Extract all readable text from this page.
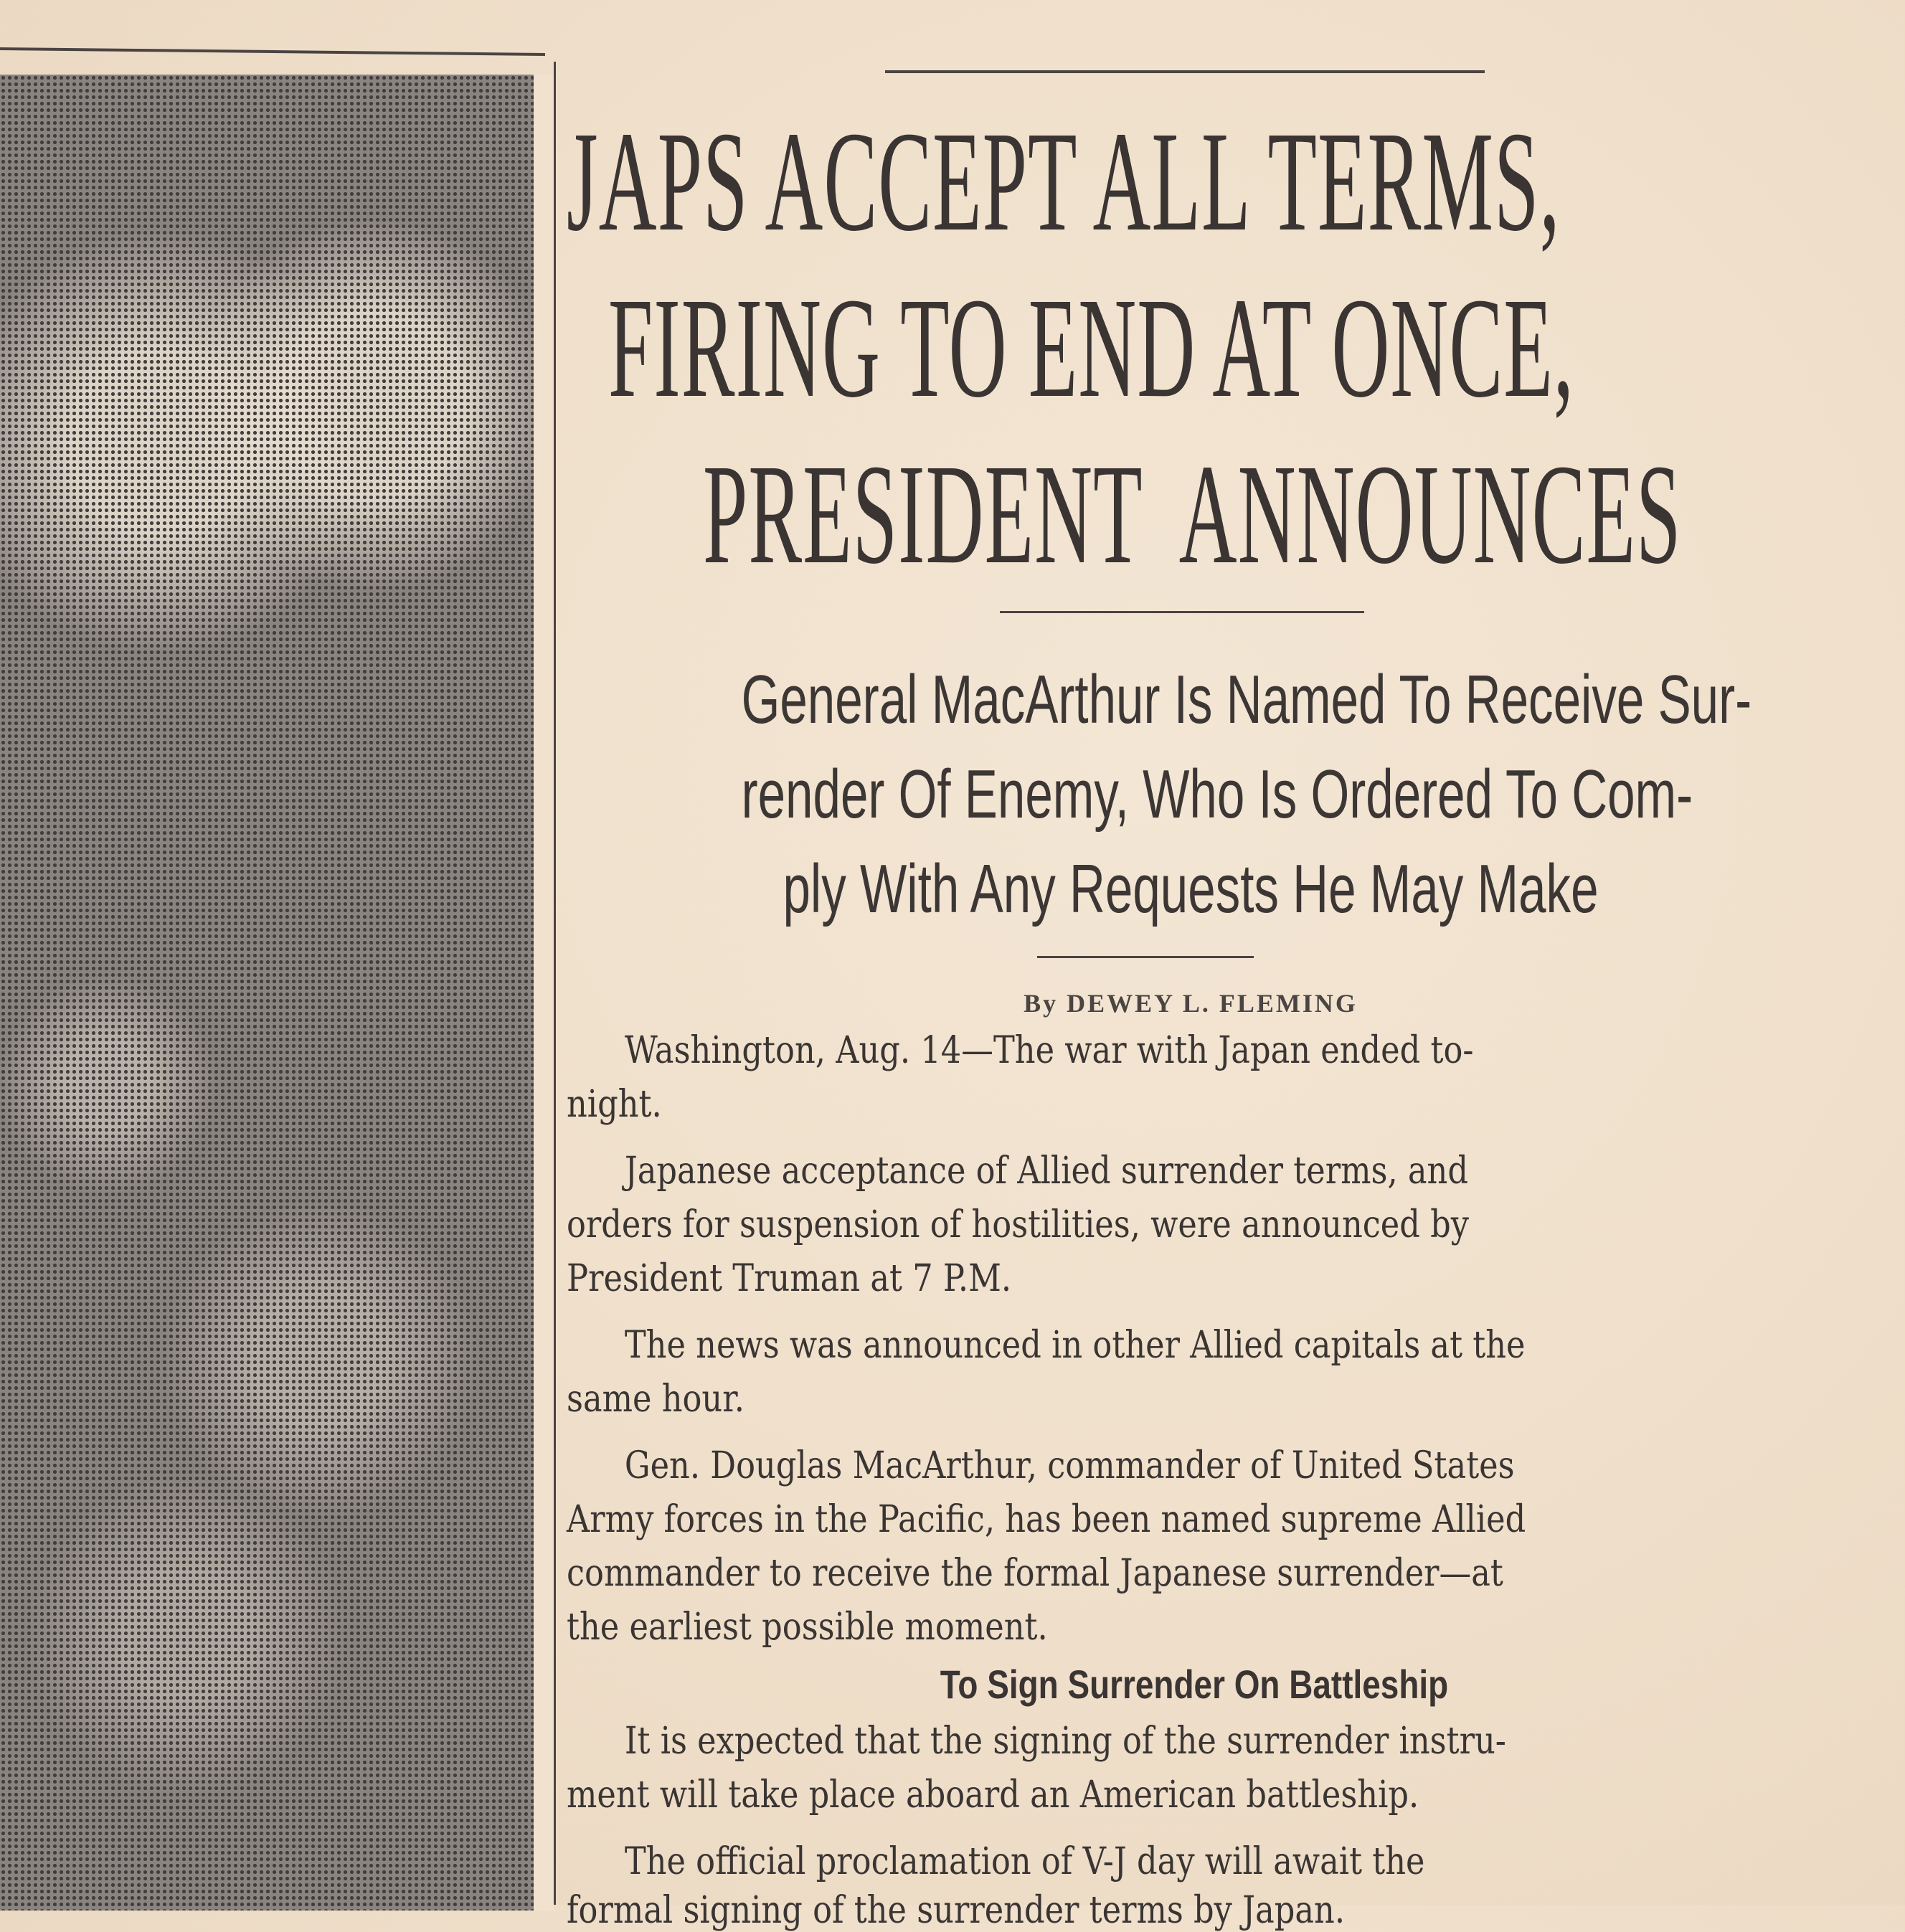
JAPS ACCEPT ALL TERMS,
FIRING TO END AT ONCE,
PRESIDENT  ANNOUNCES
General MacArthur Is Named To Receive Sur-
render Of Enemy, Who Is Ordered To Com-
ply With Any Requests He May Make
By DEWEY L. FLEMING
Washington, Aug. 14—The war with Japan ended to-
night.
Japanese acceptance of Allied surrender terms, and
orders for suspension of hostilities, were announced by
President Truman at 7 P.M.
The news was announced in other Allied capitals at the
same hour.
Gen. Douglas MacArthur, commander of United States
Army forces in the Pacific, has been named supreme Allied
commander to receive the formal Japanese surrender—at
the earliest possible moment.
To Sign Surrender On Battleship
It is expected that the signing of the surrender instru-
ment will take place aboard an American battleship.
The official proclamation of V-J day will await the
formal signing of the surrender terms by Japan.
